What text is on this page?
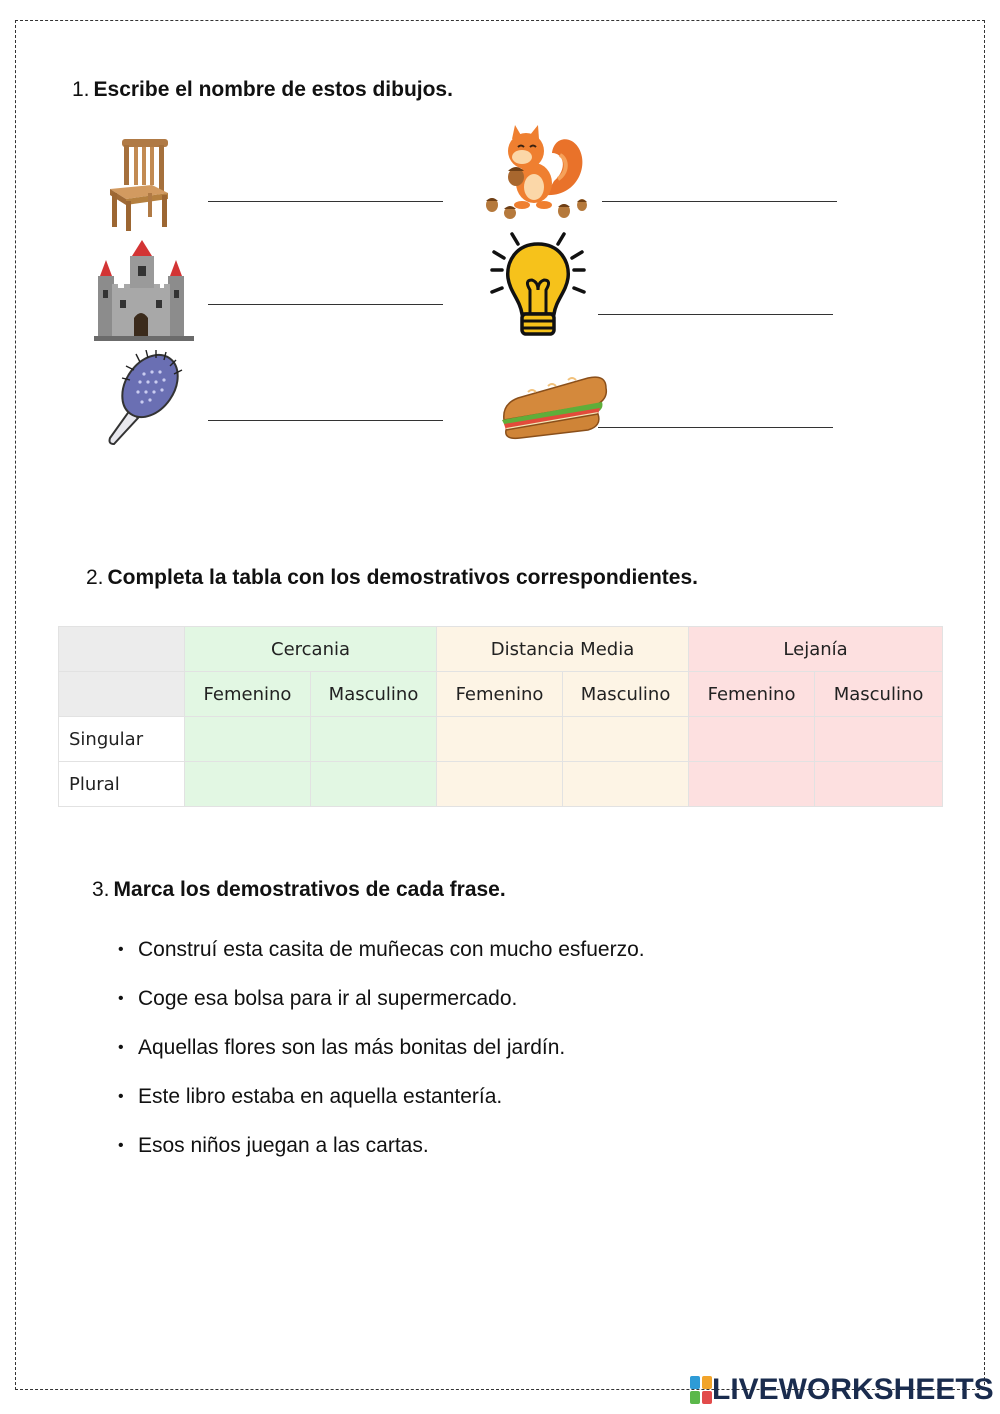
1. Escribe el nombre de estos dibujos.
2. Completa la tabla con los demostrativos correspondientes.
	Cercania		Distancia Media		Lejanía	
	Femenino	Masculino	Femenino	Masculino	Femenino	Masculino
Singular						
Plural						
3. Marca los demostrativos de cada frase.
• Construí esta casita de muñecas con mucho esfuerzo.
• Coge esa bolsa para ir al supermercado.
• Aquellas flores son las más bonitas del jardín.
• Este libro estaba en aquella estantería.
• Esos niños juegan a las cartas.
LIVEWORKSHEETS
